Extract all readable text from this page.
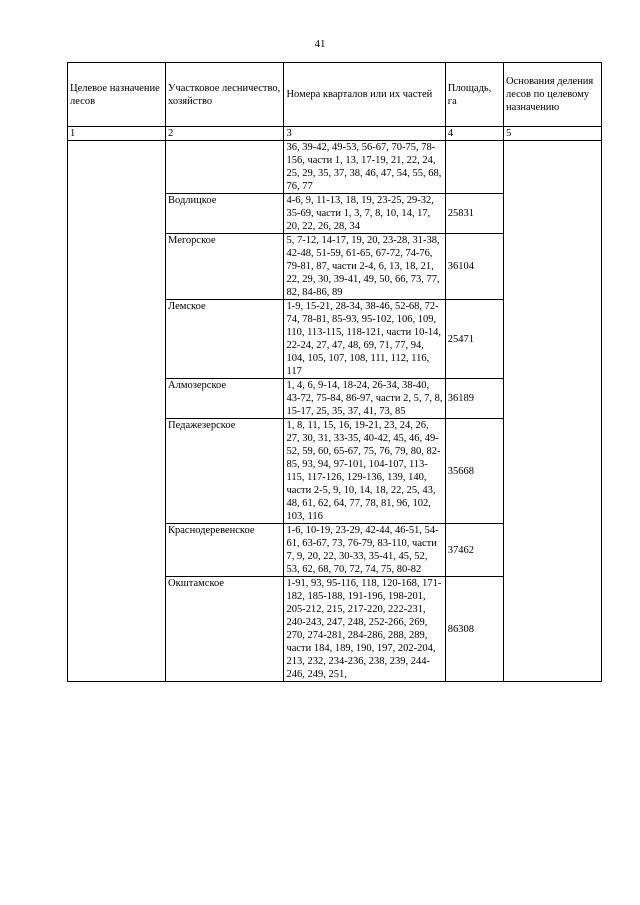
41
Целевое назначение лесов	Участковое лесничество, хозяйство	Номера кварталов или их частей	Площадь, га	Основания деления лесов по целевому назначению
1	2	3	4	5
		36, 39-42, 49-53, 56-67, 70-75, 78-156, части 1, 13, 17-19, 21, 22, 24, 25, 29, 35, 37, 38, 46, 47, 54, 55, 68, 76, 77		
	Водлицкое	4-6, 9, 11-13, 18, 19, 23-25, 29-32, 35-69, части 1, 3, 7, 8, 10, 14, 17, 20, 22, 26, 28, 34	25831	
	Мегорское	5, 7-12, 14-17, 19, 20, 23-28, 31-38, 42-48, 51-59, 61-65, 67-72, 74-76, 79-81, 87, части 2-4, 6, 13, 18, 21, 22, 29, 30, 39-41, 49, 50, 66, 73, 77, 82, 84-86, 89	36104	
	Лемское	1-9, 15-21, 28-34, 38-46, 52-68, 72-74, 78-81, 85-93, 95-102, 106, 109, 110, 113-115, 118-121, части 10-14, 22-24, 27, 47, 48, 69, 71, 77, 94, 104, 105, 107, 108, 111, 112, 116, 117	25471	
	Алмозерское	1, 4, 6, 9-14, 18-24, 26-34, 38-40, 43-72, 75-84, 86-97, части 2, 5, 7, 8, 15-17, 25, 35, 37, 41, 73, 85	36189	
	Педажезерское	1, 8, 11, 15, 16, 19-21, 23, 24, 26, 27, 30, 31, 33-35, 40-42, 45, 46, 49-52, 59, 60, 65-67, 75, 76, 79, 80, 82-85, 93, 94, 97-101, 104-107, 113-115, 117-126, 129-136, 139, 140, части 2-5, 9, 10, 14, 18, 22, 25, 43, 48, 61, 62, 64, 77, 78, 81, 96, 102, 103, 116	35668	
	Краснодеревенское	1-6, 10-19, 23-29, 42-44, 46-51, 54-61, 63-67, 73, 76-79, 83-110, части 7, 9, 20, 22, 30-33, 35-41, 45, 52, 53, 62, 68, 70, 72, 74, 75, 80-82	37462	
	Окштамское	1-91, 93, 95-116, 118, 120-168, 171-182, 185-188, 191-196, 198-201, 205-212, 215, 217-220, 222-231, 240-243, 247, 248, 252-266, 269, 270, 274-281, 284-286, 288, 289, части 184, 189, 190, 197, 202-204, 213, 232, 234-236, 238, 239, 244-246, 249, 251,	86308	
